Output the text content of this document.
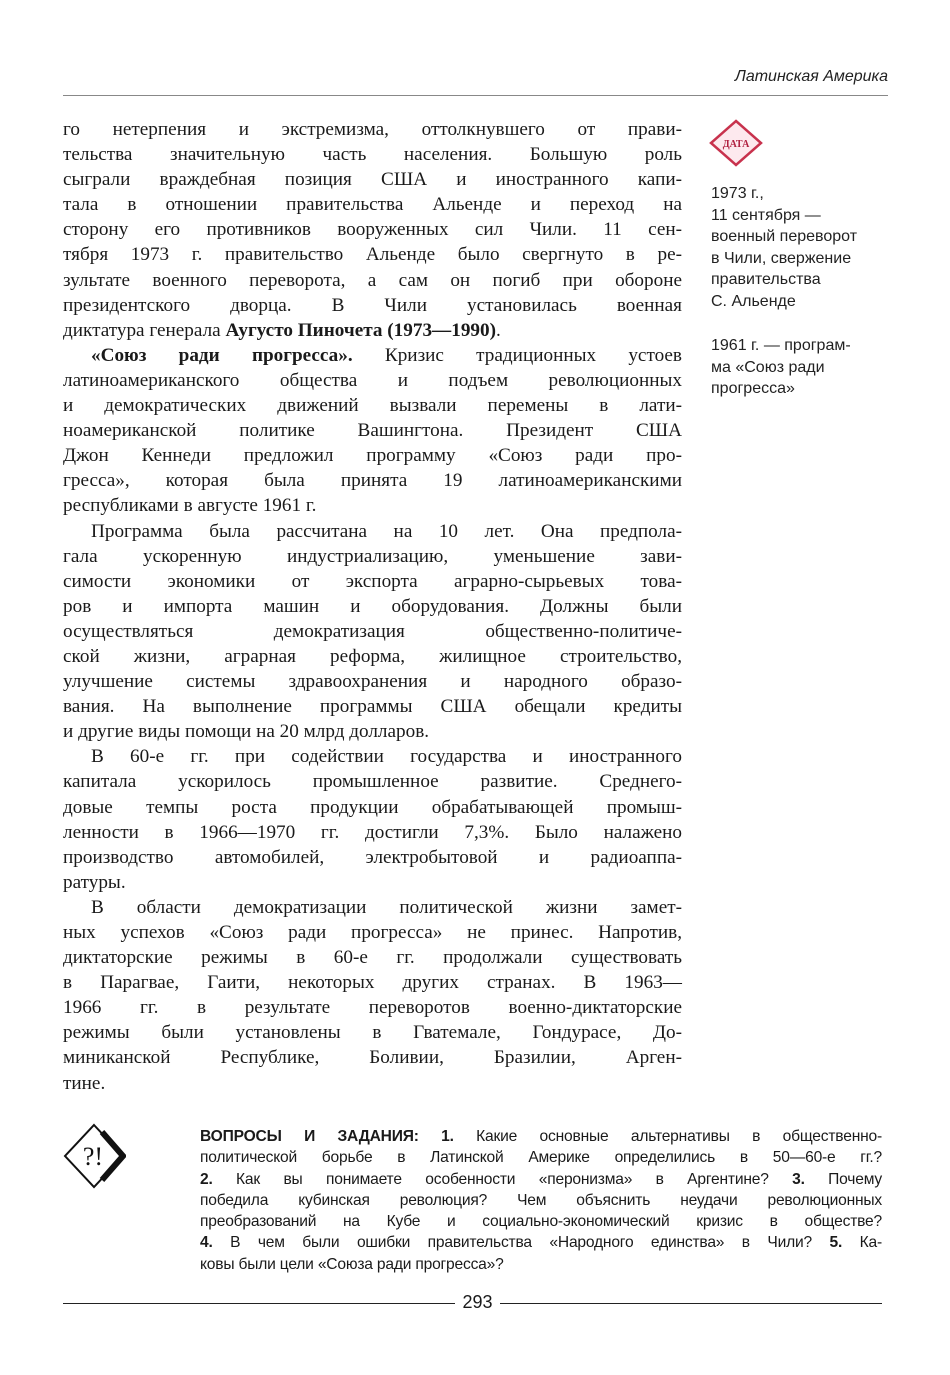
Латинская Америка
го нетерпения и экстремизма, оттолкнувшего от прави-
тельства значительную часть населения. Большую роль
сыграли враждебная позиция США и иностранного капи-
тала в отношении правительства Альенде и переход на
сторону его противников вооруженных сил Чили. 11 сен-
тября 1973 г. правительство Альенде было свергнуто в ре-
зультате военного переворота, а сам он погиб при обороне
президентского дворца. В Чили установилась военная
диктатура генерала Аугусто Пиночета (1973—1990).
«Союз ради прогресса». Кризис традиционных устоев
латиноамериканского общества и подъем революционных
и демократических движений вызвали перемены в лати-
ноамериканской политике Вашингтона. Президент США
Джон Кеннеди предложил программу «Союз ради про-
гресса», которая была принята 19 латиноамериканскими
республиками в августе 1961 г.
Программа была рассчитана на 10 лет. Она предпола-
гала ускоренную индустриализацию, уменьшение зави-
симости экономики от экспорта аграрно-сырьевых това-
ров и импорта машин и оборудования. Должны были
осуществляться демократизация общественно-политиче-
ской жизни, аграрная реформа, жилищное строительство,
улучшение системы здравоохранения и народного образо-
вания. На выполнение программы США обещали кредиты
и другие виды помощи на 20 млрд долларов.
В 60-е гг. при содействии государства и иностранного
капитала ускорилось промышленное развитие. Среднего-
довые темпы роста продукции обрабатывающей промыш-
ленности в 1966—1970 гг. достигли 7,3%. Было налажено
производство автомобилей, электробытовой и радиоаппа-
ратуры.
В области демократизации политической жизни замет-
ных успехов «Союз ради прогресса» не принес. Напротив,
диктаторские режимы в 60-е гг. продолжали существовать
в Парагвае, Гаити, некоторых других странах. В 1963—
1966 гг. в результате переворотов военно-диктаторские
режимы были установлены в Гватемале, Гондурасе, До-
миниканской Республике, Боливии, Бразилии, Арген-
тине.
ДАТА
1973 г.,
11 сентября —
военный переворот
в Чили, свержение
правительства
С. Альенде
1961 г. — програм-
ма «Союз ради
прогресса»
?!
ВОПРОСЫ И ЗАДАНИЯ: 1. Какие основные альтернативы в общественно-
политической борьбе в Латинской Америке определились в 50—60-е гг.?
2. Как вы понимаете особенности «перонизма» в Аргентине? 3. Почему
победила кубинская революция? Чем объяснить неудачи революционных
преобразований на Кубе и социально-экономический кризис в обществе?
4. В чем были ошибки правительства «Народного единства» в Чили? 5. Ка-
ковы были цели «Союза ради прогресса»?
293
